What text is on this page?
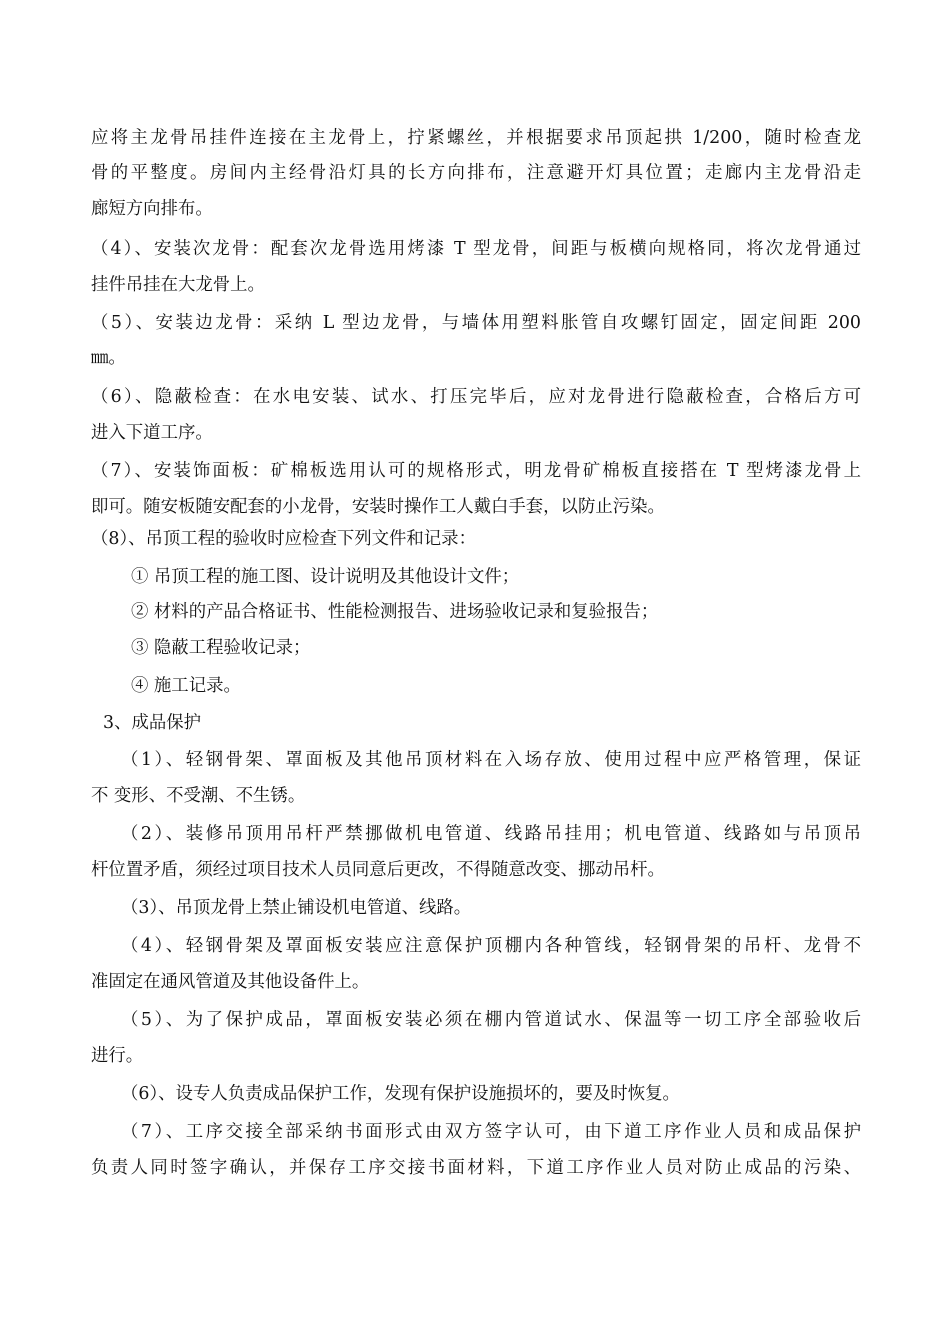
应将主龙骨吊挂件连接在主龙骨上，拧紧螺丝，并根据要求吊顶起拱 1/200，随时检查龙
骨的平整度。房间内主经骨沿灯具的长方向排布，注意避开灯具位置；走廊内主龙骨沿走
廊短方向排布。
（4）、安装次龙骨：配套次龙骨选用烤漆 T 型龙骨，间距与板横向规格同，将次龙骨通过
挂件吊挂在大龙骨上。
（5）、安装边龙骨：采纳 L 型边龙骨，与墙体用塑料胀管自攻螺钉固定，固定间距 200
㎜。
（6）、隐蔽检查：在水电安装、试水、打压完毕后，应对龙骨进行隐蔽检查，合格后方可
进入下道工序。
（7）、安装饰面板：矿棉板选用认可的规格形式，明龙骨矿棉板直接搭在 T 型烤漆龙骨上
即可。随安板随安配套的小龙骨，安装时操作工人戴白手套，以防止污染。
（8）、吊顶工程的验收时应检查下列文件和记录：
① 吊顶工程的施工图、设计说明及其他设计文件；
② 材料的产品合格证书、性能检测报告、进场验收记录和复验报告；
③ 隐蔽工程验收记录；
④ 施工记录。
3、成品保护
（1）、轻钢骨架、罩面板及其他吊顶材料在入场存放、使用过程中应严格管理，保证
不 变形、不受潮、不生锈。
（2）、装修吊顶用吊杆严禁挪做机电管道、线路吊挂用；机电管道、线路如与吊顶吊
杆位置矛盾，须经过项目技术人员同意后更改，不得随意改变、挪动吊杆。
（3）、吊顶龙骨上禁止铺设机电管道、线路。
（4）、轻钢骨架及罩面板安装应注意保护顶棚内各种管线，轻钢骨架的吊杆、龙骨不
准固定在通风管道及其他设备件上。
（5）、为了保护成品，罩面板安装必须在棚内管道试水、保温等一切工序全部验收后
进行。
（6）、设专人负责成品保护工作，发现有保护设施损坏的，要及时恢复。
（7）、工序交接全部采纳书面形式由双方签字认可，由下道工序作业人员和成品保护
负责人同时签字确认，并保存工序交接书面材料，下道工序作业人员对防止成品的污染、
